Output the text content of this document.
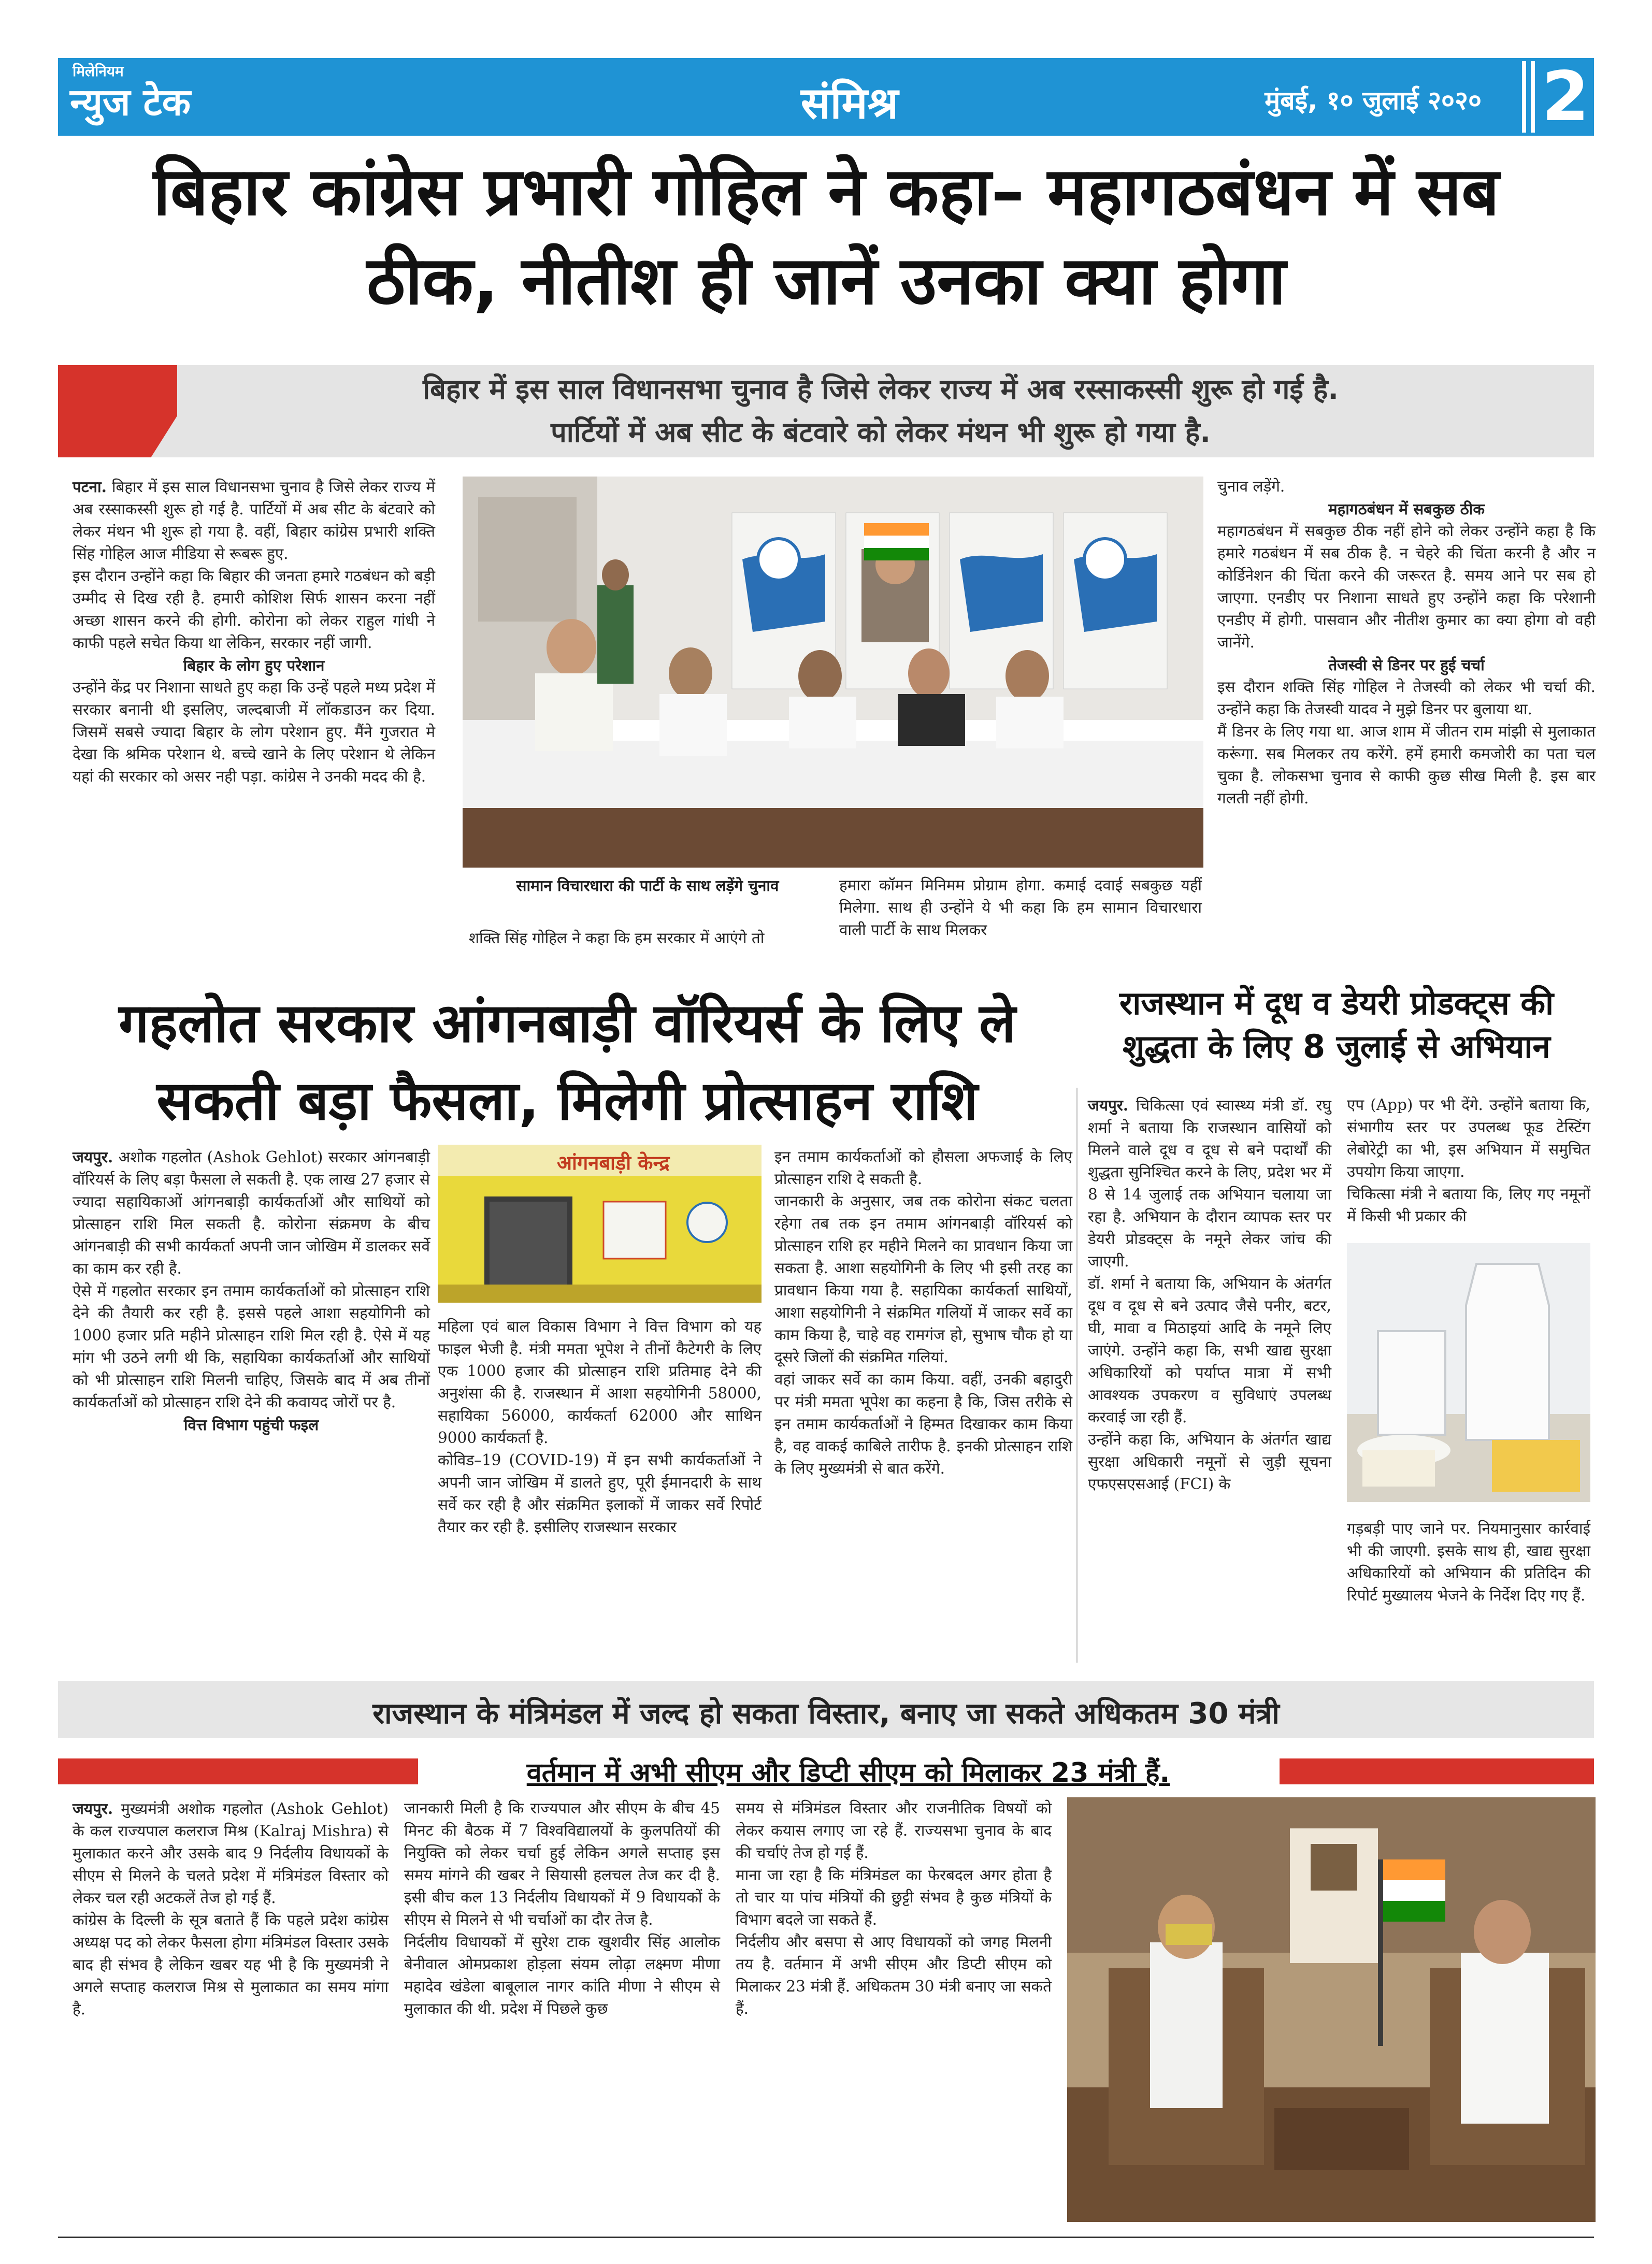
मिलेनियम
न्युज टेक	संमिश्र	मुंबई, १० जुलाई २०२० 2
बिहार कांग्रेस प्रभारी गोहिल ने कहा– महागठबंधन में सब
ठीक, नीतीश ही जानें उनका क्या होगा
बिहार में इस साल विधानसभा चुनाव है जिसे लेकर राज्य में अब रस्साकस्सी शुरू हो गई है.
पार्टियों में अब सीट के बंटवारे को लेकर मंथन भी शुरू हो गया है.

पटना. बिहार में इस साल विधानसभा चुनाव है जिसे लेकर राज्य में अब रस्साकस्सी शुरू हो गई है. पार्टियों में अब सीट के बंटवारे को लेकर मंथन भी शुरू हो गया है. वहीं, बिहार कांग्रेस प्रभारी शक्ति सिंह गोहिल आज मीडिया से रूबरू हुए.

इस दौरान उन्होंने कहा कि बिहार की जनता हमारे गठबंधन को बड़ी उम्मीद से दिख रही है. हमारी कोशिश सिर्फ शासन करना नहीं अच्छा शासन करने की होगी. कोरोना को लेकर राहुल गांधी ने काफी पहले सचेत किया था लेकिन, सरकार नहीं जागी.

बिहार के लोग हुए परेशान

उन्होंने केंद्र पर निशाना साधते हुए कहा कि उन्हें पहले मध्य प्रदेश में सरकार बनानी थी इसलिए, जल्दबाजी में लॉकडाउन कर दिया. जिसमें सबसे ज्यादा बिहार के लोग परेशान हुए. मैंने गुजरात मे देखा कि श्रमिक परेशान थे. बच्चे खाने के लिए परेशान थे लेकिन यहां की सरकार को असर नही पड़ा. कांग्रेस ने उनकी मदद की है.

सामान विचारधारा की पार्टी के साथ लड़ेंगे चुनाव

शक्ति सिंह गोहिल ने कहा कि हम सरकार में आएंगे तो

हमारा कॉमन मिनिमम प्रोग्राम होगा. कमाई दवाई सबकुछ यहीं मिलेगा. साथ ही उन्होंने ये भी कहा कि हम सामान विचारधारा वाली पार्टी के साथ मिलकर

चुनाव लड़ेंगे.

महागठबंधन में सबकुछ ठीक

महागठबंधन में सबकुछ ठीक नहीं होने को लेकर उन्होंने कहा है कि हमारे गठबंधन में सब ठीक है. न चेहरे की चिंता करनी है और न कोर्डिनेशन की चिंता करने की जरूरत है. समय आने पर सब हो जाएगा. एनडीए पर निशाना साधते हुए उन्होंने कहा कि परेशानी एनडीए में होगी. पासवान और नीतीश कुमार का क्या होगा वो वही जानेंगे.

तेजस्वी से डिनर पर हुई चर्चा

इस दौरान शक्ति सिंह गोहिल ने तेजस्वी को लेकर भी चर्चा की. उन्होंने कहा कि तेजस्वी यादव ने मुझे डिनर पर बुलाया था.

मैं डिनर के लिए गया था. आज शाम में जीतन राम मांझी से मुलाकात करूंगा. सब मिलकर तय करेंगे. हमें हमारी कमजोरी का पता चल चुका है. लोकसभा चुनाव से काफी कुछ सीख मिली है. इस बार गलती नहीं होगी.

गहलोत सरकार आंगनबाड़ी वॉरियर्स के लिए ले
सकती बड़ा फैसला, मिलेगी प्रोत्साहन राशि

जयपुर. अशोक गहलोत (Ashok Gehlot) सरकार आंगनबाड़ी वॉरियर्स के लिए बड़ा फैसला ले सकती है. एक लाख 27 हजार से ज्यादा सहायिकाओं आंगनबाड़ी कार्यकर्ताओं और साथियों को प्रोत्साहन राशि मिल सकती है. कोरोना संक्रमण के बीच आंगनबाड़ी की सभी कार्यकर्ता अपनी जान जोखिम में डालकर सर्वे का काम कर रही है.

ऐसे में गहलोत सरकार इन तमाम कार्यकर्ताओं को प्रोत्साहन राशि देने की तैयारी कर रही है. इससे पहले आशा सहयोगिनी को 1000 हजार प्रति महीने प्रोत्साहन राशि मिल रही है. ऐसे में यह मांग भी उठने लगी थी कि, सहायिका कार्यकर्ताओं और साथियों को भी प्रोत्साहन राशि मिलनी चाहिए, जिसके बाद में अब तीनों कार्यकर्ताओं को प्रोत्साहन राशि देने की कवायद जोरों पर है.

वित्त विभाग पहुंची फइल

आंगनबाड़ी केन्द्र

महिला एवं बाल विकास विभाग ने वित्त विभाग को यह फाइल भेजी है. मंत्री ममता भूपेश ने तीनों कैटेगरी के लिए एक 1000 हजार की प्रोत्साहन राशि प्रतिमाह देने की अनुशंसा की है. राजस्थान में आशा सहयोगिनी 58000, सहायिका 56000, कार्यकर्ता 62000 और साथिन 9000 कार्यकर्ता है.

कोविड–19 (COVID-19) में इन सभी कार्यकर्ताओं ने अपनी जान जोखिम में डालते हुए, पूरी ईमानदारी के साथ सर्वे कर रही है और संक्रमित इलाकों में जाकर सर्वे रिपोर्ट तैयार कर रही है. इसीलिए राजस्थान सरकार

इन तमाम कार्यकर्ताओं को हौसला अफजाई के लिए प्रोत्साहन राशि दे सकती है.

जानकारी के अनुसार, जब तक कोरोना संकट चलता रहेगा तब तक इन तमाम आंगनबाड़ी वॉरियर्स को प्रोत्साहन राशि हर महीने मिलने का प्रावधान किया जा सकता है. आशा सहयोगिनी के लिए भी इसी तरह का प्रावधान किया गया है. सहायिका कार्यकर्ता साथियों, आशा सहयोगिनी ने संक्रमित गलियों में जाकर सर्वे का काम किया है, चाहे वह रामगंज हो, सुभाष चौक हो या दूसरे जिलों की संक्रमित गलियां.

वहां जाकर सर्वे का काम किया. वहीं, उनकी बहादुरी पर मंत्री ममता भूपेश का कहना है कि, जिस तरीके से इन तमाम कार्यकर्ताओं ने हिम्मत दिखाकर काम किया है, वह वाकई काबिले तारीफ है. इनकी प्रोत्साहन राशि के लिए मुख्यमंत्री से बात करेंगे.

राजस्थान में दूध व डेयरी प्रोडक्ट्स की
शुद्धता के लिए 8 जुलाई से अभियान

जयपुर. चिकित्सा एवं स्वास्थ्य मंत्री डॉ. रघु शर्मा ने बताया कि राजस्थान वासियों को मिलने वाले दूध व दूध से बने पदार्थों की शुद्धता सुनिश्चित करने के लिए, प्रदेश भर में 8 से 14 जुलाई तक अभियान चलाया जा रहा है. अभियान के दौरान व्यापक स्तर पर डेयरी प्रोडक्ट्स के नमूने लेकर जांच की जाएगी.

डॉ. शर्मा ने बताया कि, अभियान के अंतर्गत दूध व दूध से बने उत्पाद जैसे पनीर, बटर, घी, मावा व मिठाइयां आदि के नमूने लिए जाएंगे. उन्होंने कहा कि, सभी खाद्य सुरक्षा अधिकारियों को पर्याप्त मात्रा में सभी आवश्यक उपकरण व सुविधाएं उपलब्ध करवाई जा रही हैं.

उन्होंने कहा कि, अभियान के अंतर्गत खाद्य सुरक्षा अधिकारी नमूनों से जुड़ी सूचना एफएसएसआई (FCI) के

एप (App) पर भी देंगे. उन्होंने बताया कि, संभागीय स्तर पर उपलब्ध फूड टेस्टिंग लेबोरेट्री का भी, इस अभियान में समुचित उपयोग किया जाएगा.

चिकित्सा मंत्री ने बताया कि, लिए गए नमूनों में किसी भी प्रकार की

गड़बड़ी पाए जाने पर. नियमानुसार कार्रवाई भी की जाएगी. इसके साथ ही, खाद्य सुरक्षा अधिकारियों को अभियान की प्रतिदिन की रिपोर्ट मुख्यालय भेजने के निर्देश दिए गए हैं.

राजस्थान के मंत्रिमंडल में जल्द हो सकता विस्तार, बनाए जा सकते अधिकतम 30 मंत्री
वर्तमान में अभी सीएम और डिप्टी सीएम को मिलाकर 23 मंत्री हैं.

जयपुर. मुख्यमंत्री अशोक गहलोत (Ashok Gehlot) के कल राज्यपाल कलराज मिश्र (Kalraj Mishra) से मुलाकात करने और उसके बाद 9 निर्दलीय विधायकों के सीएम से मिलने के चलते प्रदेश में मंत्रिमंडल विस्तार को लेकर चल रही अटकलें तेज हो गई हैं.

कांग्रेस के दिल्ली के सूत्र बताते हैं कि पहले प्रदेश कांग्रेस अध्यक्ष पद को लेकर फैसला होगा मंत्रिमंडल विस्तार उसके बाद ही संभव है लेकिन खबर यह भी है कि मुख्यमंत्री ने अगले सप्ताह कलराज मिश्र से मुलाकात का समय मांगा है.

जानकारी मिली है कि राज्यपाल और सीएम के बीच 45 मिनट की बैठक में 7 विश्वविद्यालयों के कुलपतियों की नियुक्ति को लेकर चर्चा हुई लेकिन अगले सप्ताह इस समय मांगने की खबर ने सियासी हलचल तेज कर दी है. इसी बीच कल 13 निर्दलीय विधायकों में 9 विधायकों के सीएम से मिलने से भी चर्चाओं का दौर तेज है.

निर्दलीय विधायकों में सुरेश टाक खुशवीर सिंह आलोक बेनीवाल ओमप्रकाश होड़ला संयम लोढ़ा लक्ष्मण मीणा महादेव खंडेला बाबूलाल नागर कांति मीणा ने सीएम से मुलाकात की थी. प्रदेश में पिछले कुछ

समय से मंत्रिमंडल विस्तार और राजनीतिक विषयों को लेकर कयास लगाए जा रहे हैं. राज्यसभा चुनाव के बाद की चर्चाएं तेज हो गई हैं.

माना जा रहा है कि मंत्रिमंडल का फेरबदल अगर होता है तो चार या पांच मंत्रियों की छुट्टी संभव है कुछ मंत्रियों के विभाग बदले जा सकते हैं.

निर्दलीय और बसपा से आए विधायकों को जगह मिलनी तय है. वर्तमान में अभी सीएम और डिप्टी सीएम को मिलाकर 23 मंत्री हैं. अधिकतम 30 मंत्री बनाए जा सकते हैं.
